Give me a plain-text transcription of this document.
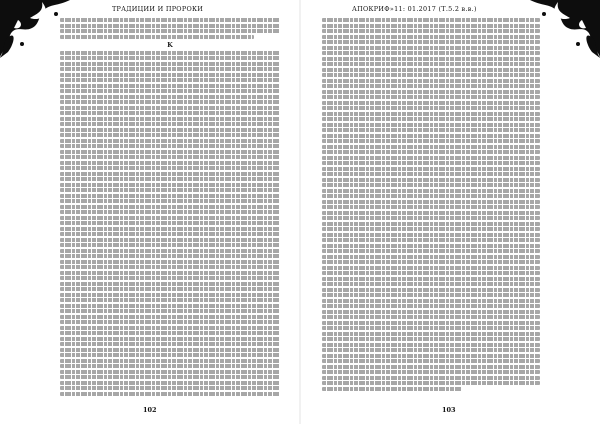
ТРАДИЦИИ И ПРОРОКИ
K
102
АПОКРИФ»11: 01.2017 (Т.5.2 в.в.)
103
